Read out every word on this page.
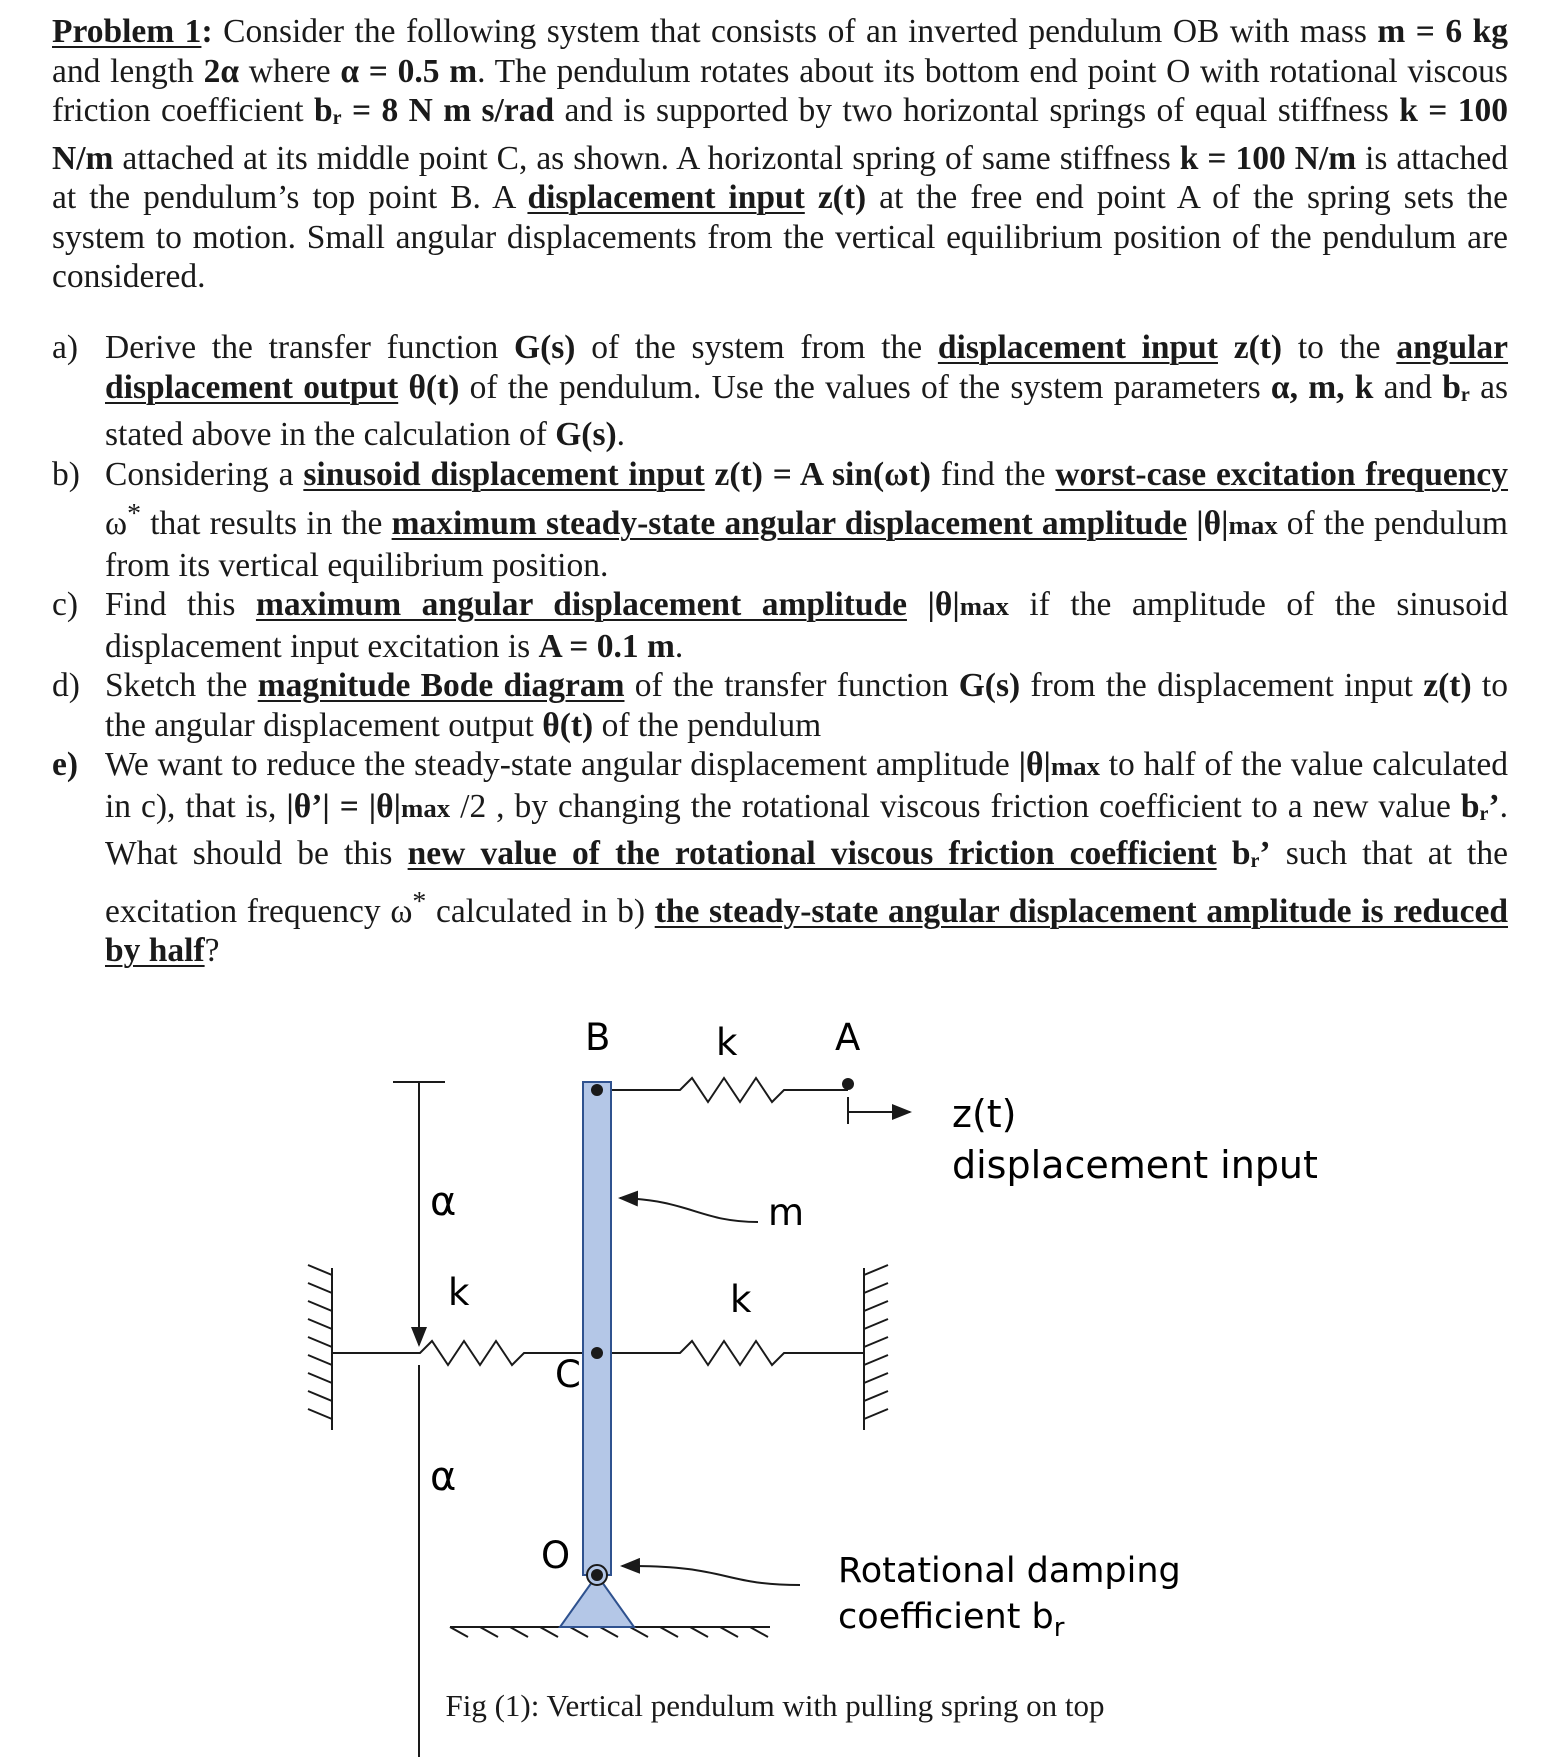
Problem 1: Consider the following system that consists of an inverted pendulum OB with mass m = 6 kg and length 2α where α = 0.5 m. The pendulum rotates about its bottom end point O with rotational viscous friction coefficient $b_r = 8$ N m s/rad and is supported by two horizontal springs of equal stiffness k = 100 N/m attached at its middle point C, as shown. A horizontal spring of same stiffness k = 100 N/m is attached at the pendulum’s top point B. A displacement input z(t) at the free end point A of the spring sets the system to motion. Small angular displacements from the vertical equilibrium position of the pendulum are considered.
a) Derive the transfer function G(s) of the system from the displacement input z(t) to the angular displacement output θ(t) of the pendulum. Use the values of the system parameters α, m, k and $b_r$ as stated above in the calculation of G(s).
b) Considering a sinusoid displacement input z(t) = A sin(ωt) find the worst-case excitation frequency ω* that results in the maximum steady-state angular displacement amplitude |θ|max of the pendulum from its vertical equilibrium position.
c) Find this maximum angular displacement amplitude |θ|max if the amplitude of the sinusoid displacement input excitation is A = 0.1 m.
d) Sketch the magnitude Bode diagram of the transfer function G(s) from the displacement input z(t) to the angular displacement output θ(t) of the pendulum
e) We want to reduce the steady-state angular displacement amplitude |θ|max to half of the value calculated in c), that is, |θ’| = |θ|max /2 , by changing the rotational viscous friction coefficient to a new value $b_r$’. What should be this new value of the rotational viscous friction coefficient $b_r$’ such that at the excitation frequency ω* calculated in b) the steady-state angular displacement amplitude is reduced by half?
B	k	A
z(t)
displacement input
α	m
k	k
C
α
O	Rotational damping
coefficient $b_r$
Fig (1): Vertical pendulum with pulling spring on top
